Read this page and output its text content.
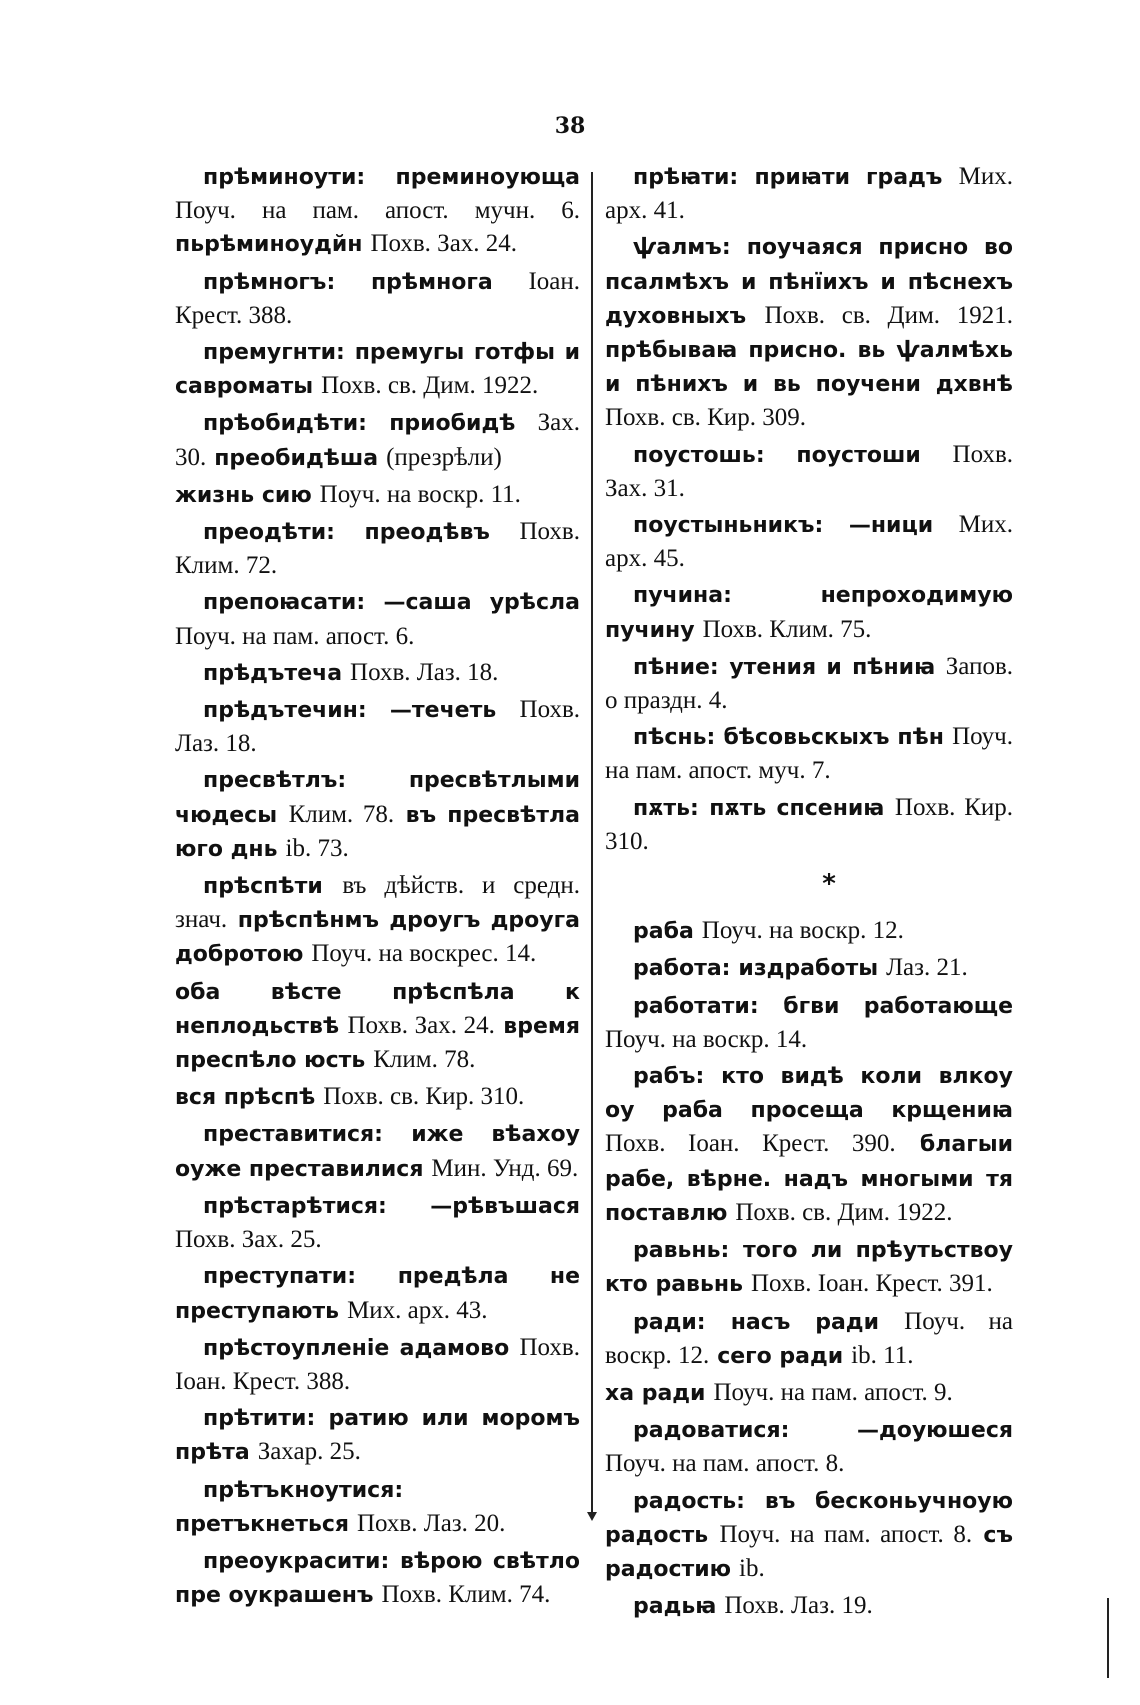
38

прѣминоути: преминоующа Поуч. на пам. апост. мучн. 6. пьрѣминоудйн Похв. Зах. 24.

прѣмногъ: прѣмнога Іоан. Крест. 388.

премугнти: премугы готфы и савроматы Похв. св. Дим. 1922.

прѣобидѣти: приобидѣ Зах. 30. преобидѣша (презрѣли)

жизнь сию Поуч. на воскр. 11.

преодѣти: преодѣвъ Похв. Клим. 72.

препоꙗсати: —саша урѣсла Поуч. на пам. апост. 6.

прѣдътеча Похв. Лаз. 18.

прѣдътечин: —течеть Похв. Лаз. 18.

пресвѣтлъ:	пресвѣтлыми чюдесы Клим. 78. въ пресвѣтла юго днь ib. 73.

прѣспѣти въ дѣйств. и средн. знач. прѣспѣнмъ дроугъ дроуга добротою Поуч. на воскрес. 14.

оба вѣсте прѣспѣла к неплодьствѣ Похв. Зах. 24. время преспѣло юсть Клим. 78.

вся прѣспѣ Похв. св. Кир. 310.

преставитися: иже вѣахоу оуже преставилися Мин. Унд. 69.

прѣстарѣтися: —рѣвъшася Похв. Зах. 25.

преступати: предѣла не преступають Мих. арх. 43.

прѣстоупленіе адамово Похв. Іоан. Крест. 388.

прѣтити: ратию или моромъ прѣта Захар. 25.

прѣтъкноутися: претъкнеться Похв. Лаз. 20.

преоукрасити: вѣрою свѣтло пре оукрашенъ Похв. Клим. 74.

прѣꙗти: приꙗти градъ Мих. арх. 41.

ѱалмъ: поучаяся присно во псалмѣхъ и пѣнїихъ и пѣснехъ духовныхъ Похв. св. Дим. 1921. прѣбываꙗ присно. вь ѱалмѣхь и пѣнихъ и вь поучени дхвнѣ Похв. св. Кир. 309.

поустошь: поустоши Похв. Зах. 31.

поустыньникъ: —ници Мих. арх. 45.

пучина:	непроходимую пучину Похв. Клим. 75.

пѣние: утения и пѣниꙗ Запов. о праздн. 4.

пѣснь: бѣсовьскыхъ пѣн Поуч. на пам. апост. муч. 7.

пѫть: пѫть спсениꙗ Похв. Кир. 310.

*

раба Поуч. на воскр. 12.

работа: издработы Лаз. 21.

работати: бгви работающе Поуч. на воскр. 14.

рабъ: кто видѣ коли влкоу оу раба просеща крщениꙗ Похв. Іоан. Крест. 390. благыи рабе, вѣрне. надъ многыми тя поставлю Похв. св. Дим. 1922.

равьнь: того ли прѣутьствоу кто равьнь Похв. Іоан. Крест. 391.

ради: насъ ради Поуч. на воскр. 12. сего ради ib. 11.

ха ради Поуч. на пам. апост. 9.

радоватися:	—доуюшеся Поуч. на пам. апост. 8.

радость: въ бесконьучноую радость Поуч. на пам. апост. 8. съ радостию ib.

радьꙗ Похв. Лаз. 19.
